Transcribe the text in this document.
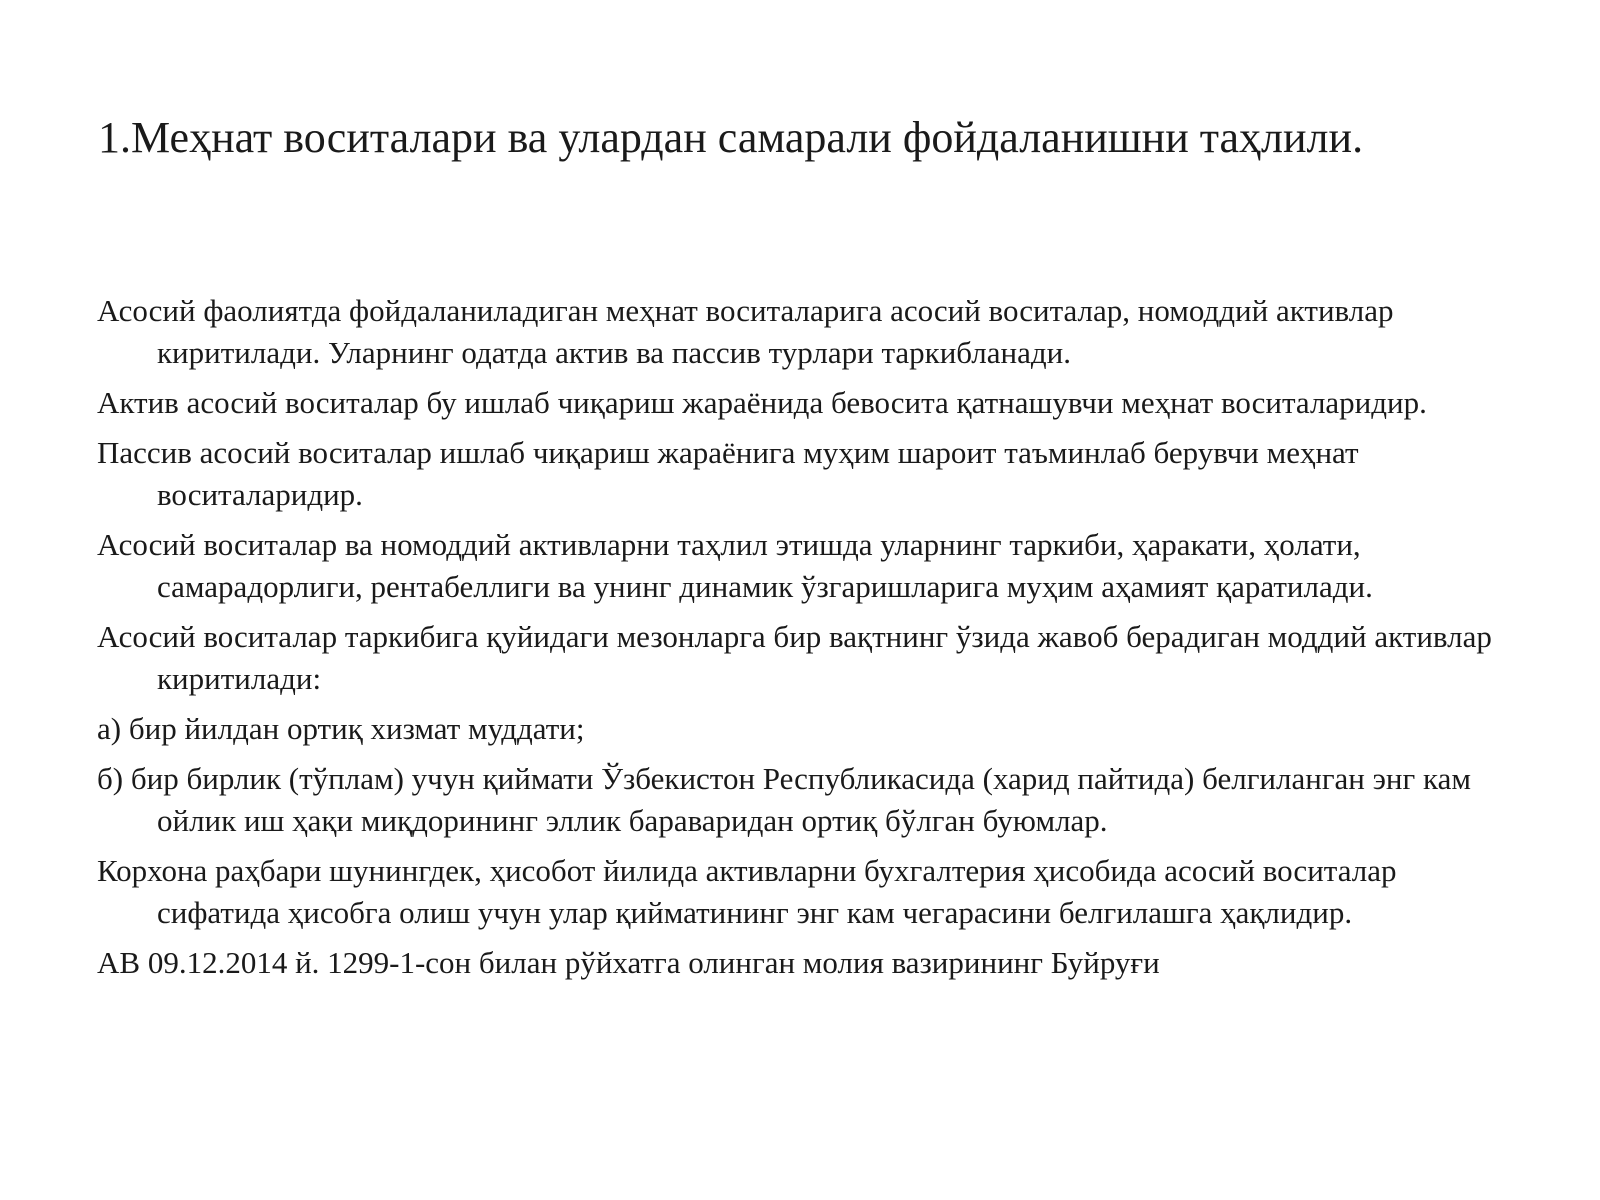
1.Меҳнат воситалари ва улардан самарали фойдаланишни таҳлили.

Асосий фаолиятда фойдаланиладиган меҳнат воситаларига асосий воситалар, номоддий активлар киритилади. Уларнинг одатда актив ва пассив турлари таркибланади.

Актив асосий воситалар бу ишлаб чиқариш жараёнида бевосита қатнашувчи меҳнат воситаларидир.

Пассив асосий воситалар ишлаб чиқариш жараёнига муҳим шароит таъминлаб берувчи меҳнат воситаларидир.

Асосий воситалар ва номоддий активларни таҳлил этишда уларнинг таркиби, ҳаракати, ҳолати, самарадорлиги, рентабеллиги ва унинг динамик ўзгаришларига муҳим аҳамият қаратилади.

Асосий воситалар таркибига қуйидаги мезонларга бир вақтнинг ўзида жавоб берадиган моддий активлар киритилади:

а) бир йилдан ортиқ хизмат муддати;

б) бир бирлик (тўплам) учун қиймати Ўзбекистон Республикасида (харид пайтида) белгиланган энг кам ойлик иш ҳақи миқдорининг эллик бараваридан ортиқ бўлган буюмлар.

Корхона раҳбари шунингдек, ҳисобот йилида активларни бухгалтерия ҳисобида асосий воситалар сифатида ҳисобга олиш учун улар қийматининг энг кам чегарасини белгилашга ҳақлидир.

АВ 09.12.2014 й. 1299-1-сон билан рўйхатга олинган молия вазирининг Буйруғи
